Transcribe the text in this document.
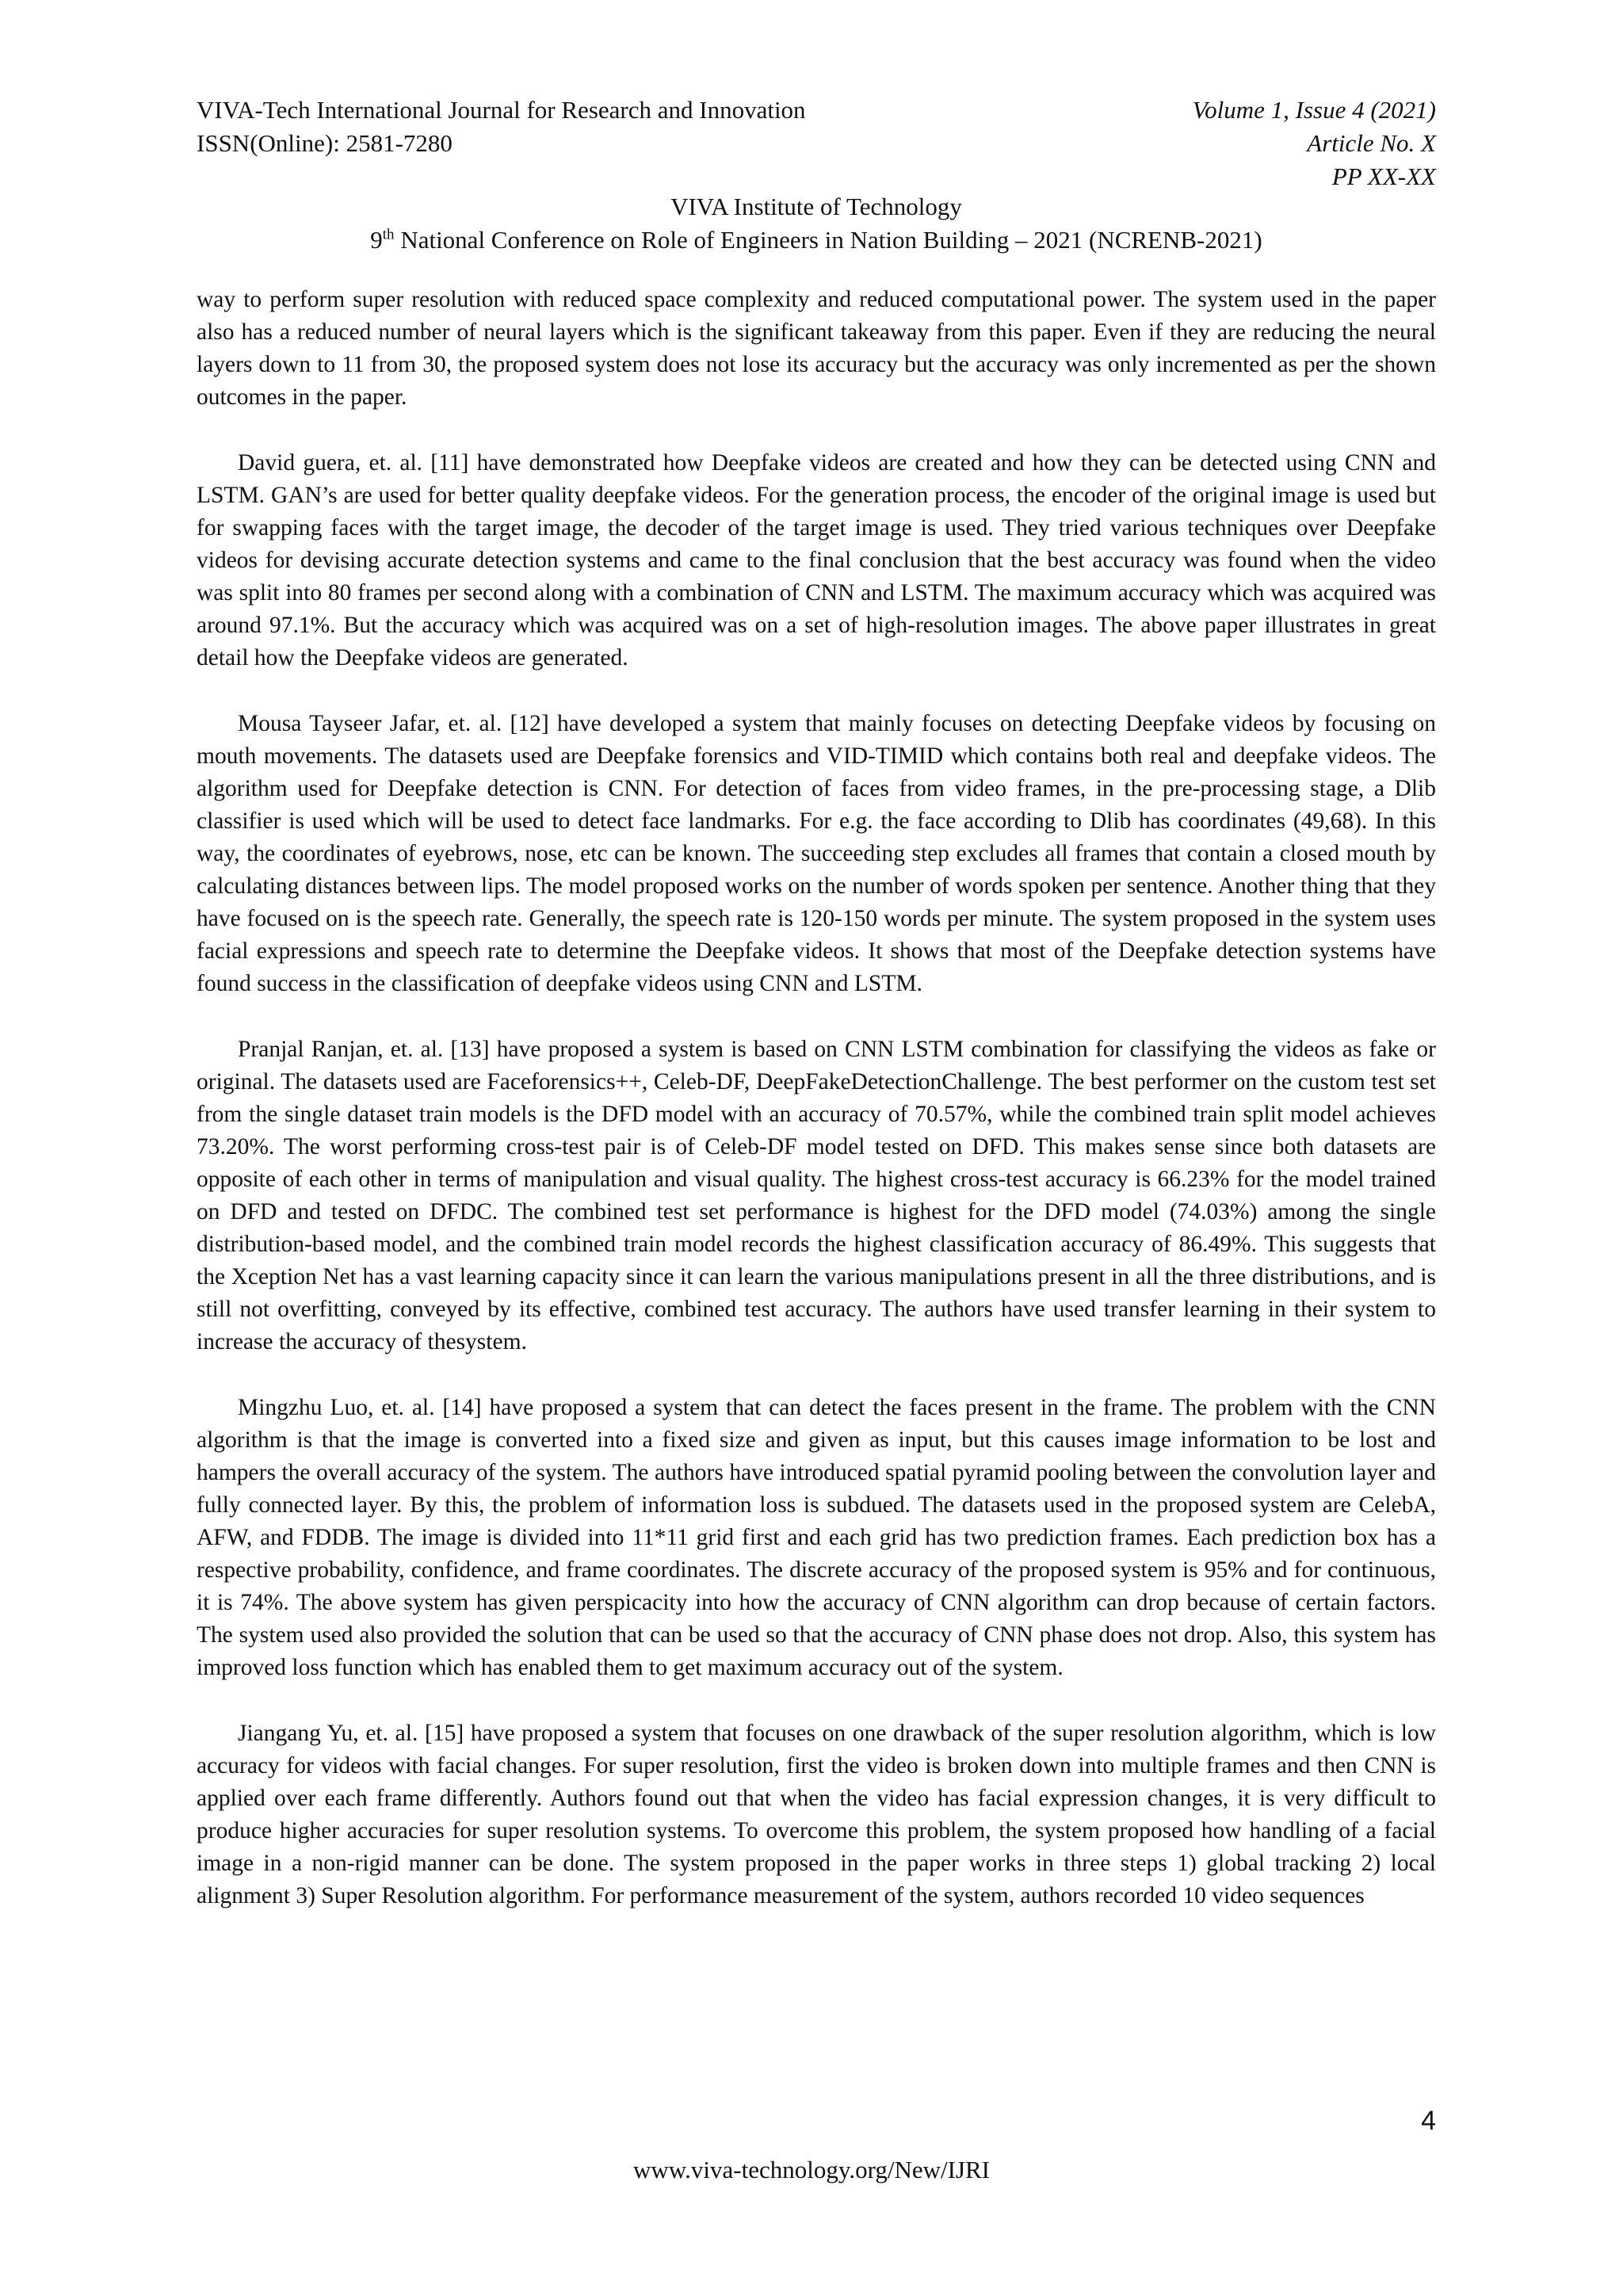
VIVA-Tech International Journal for Research and Innovation
ISSN(Online): 2581-7280
Volume 1, Issue 4 (2021)
Article No. X
PP XX-XX
VIVA Institute of Technology
9th National Conference on Role of Engineers in Nation Building – 2021 (NCRENB-2021)

way to perform super resolution with reduced space complexity and reduced computational power. The system used in the paper also has a reduced number of neural layers which is the significant takeaway from this paper. Even if they are reducing the neural layers down to 11 from 30, the proposed system does not lose its accuracy but the accuracy was only incremented as per the shown outcomes in the paper.

David guera, et. al. [11] have demonstrated how Deepfake videos are created and how they can be detected using CNN and LSTM. GAN’s are used for better quality deepfake videos. For the generation process, the encoder of the original image is used but for swapping faces with the target image, the decoder of the target image is used. They tried various techniques over Deepfake videos for devising accurate detection systems and came to the final conclusion that the best accuracy was found when the video was split into 80 frames per second along with a combination of CNN and LSTM. The maximum accuracy which was acquired was around 97.1%. But the accuracy which was acquired was on a set of high-resolution images. The above paper illustrates in great detail how the Deepfake videos are generated.

Mousa Tayseer Jafar, et. al. [12] have developed a system that mainly focuses on detecting Deepfake videos by focusing on mouth movements. The datasets used are Deepfake forensics and VID-TIMID which contains both real and deepfake videos. The algorithm used for Deepfake detection is CNN. For detection of faces from video frames, in the pre-processing stage, a Dlib classifier is used which will be used to detect face landmarks. For e.g. the face according to Dlib has coordinates (49,68). In this way, the coordinates of eyebrows, nose, etc can be known. The succeeding step excludes all frames that contain a closed mouth by calculating distances between lips. The model proposed works on the number of words spoken per sentence. Another thing that they have focused on is the speech rate. Generally, the speech rate is 120-150 words per minute. The system proposed in the system uses facial expressions and speech rate to determine the Deepfake videos. It shows that most of the Deepfake detection systems have found success in the classification of deepfake videos using CNN and LSTM.

Pranjal Ranjan, et. al. [13] have proposed a system is based on CNN LSTM combination for classifying the videos as fake or original. The datasets used are Faceforensics++, Celeb-DF, DeepFakeDetectionChallenge. The best performer on the custom test set from the single dataset train models is the DFD model with an accuracy of 70.57%, while the combined train split model achieves 73.20%. The worst performing cross-test pair is of Celeb-DF model tested on DFD. This makes sense since both datasets are opposite of each other in terms of manipulation and visual quality. The highest cross-test accuracy is 66.23% for the model trained on DFD and tested on DFDC. The combined test set performance is highest for the DFD model (74.03%) among the single distribution-based model, and the combined train model records the highest classification accuracy of 86.49%. This suggests that the Xception Net has a vast learning capacity since it can learn the various manipulations present in all the three distributions, and is still not overfitting, conveyed by its effective, combined test accuracy. The authors have used transfer learning in their system to increase the accuracy of thesystem.

Mingzhu Luo, et. al. [14] have proposed a system that can detect the faces present in the frame. The problem with the CNN algorithm is that the image is converted into a fixed size and given as input, but this causes image information to be lost and hampers the overall accuracy of the system. The authors have introduced spatial pyramid pooling between the convolution layer and fully connected layer. By this, the problem of information loss is subdued. The datasets used in the proposed system are CelebA, AFW, and FDDB. The image is divided into 11*11 grid first and each grid has two prediction frames. Each prediction box has a respective probability, confidence, and frame coordinates. The discrete accuracy of the proposed system is 95% and for continuous, it is 74%. The above system has given perspicacity into how the accuracy of CNN algorithm can drop because of certain factors. The system used also provided the solution that can be used so that the accuracy of CNN phase does not drop. Also, this system has improved loss function which has enabled them to get maximum accuracy out of the system.

Jiangang Yu, et. al. [15] have proposed a system that focuses on one drawback of the super resolution algorithm, which is low accuracy for videos with facial changes. For super resolution, first the video is broken down into multiple frames and then CNN is applied over each frame differently. Authors found out that when the video has facial expression changes, it is very difficult to produce higher accuracies for super resolution systems. To overcome this problem, the system proposed how handling of a facial image in a non-rigid manner can be done. The system proposed in the paper works in three steps 1) global tracking 2) local alignment 3) Super Resolution algorithm. For performance measurement of the system, authors recorded 10 video sequences

4
www.viva-technology.org/New/IJRI
